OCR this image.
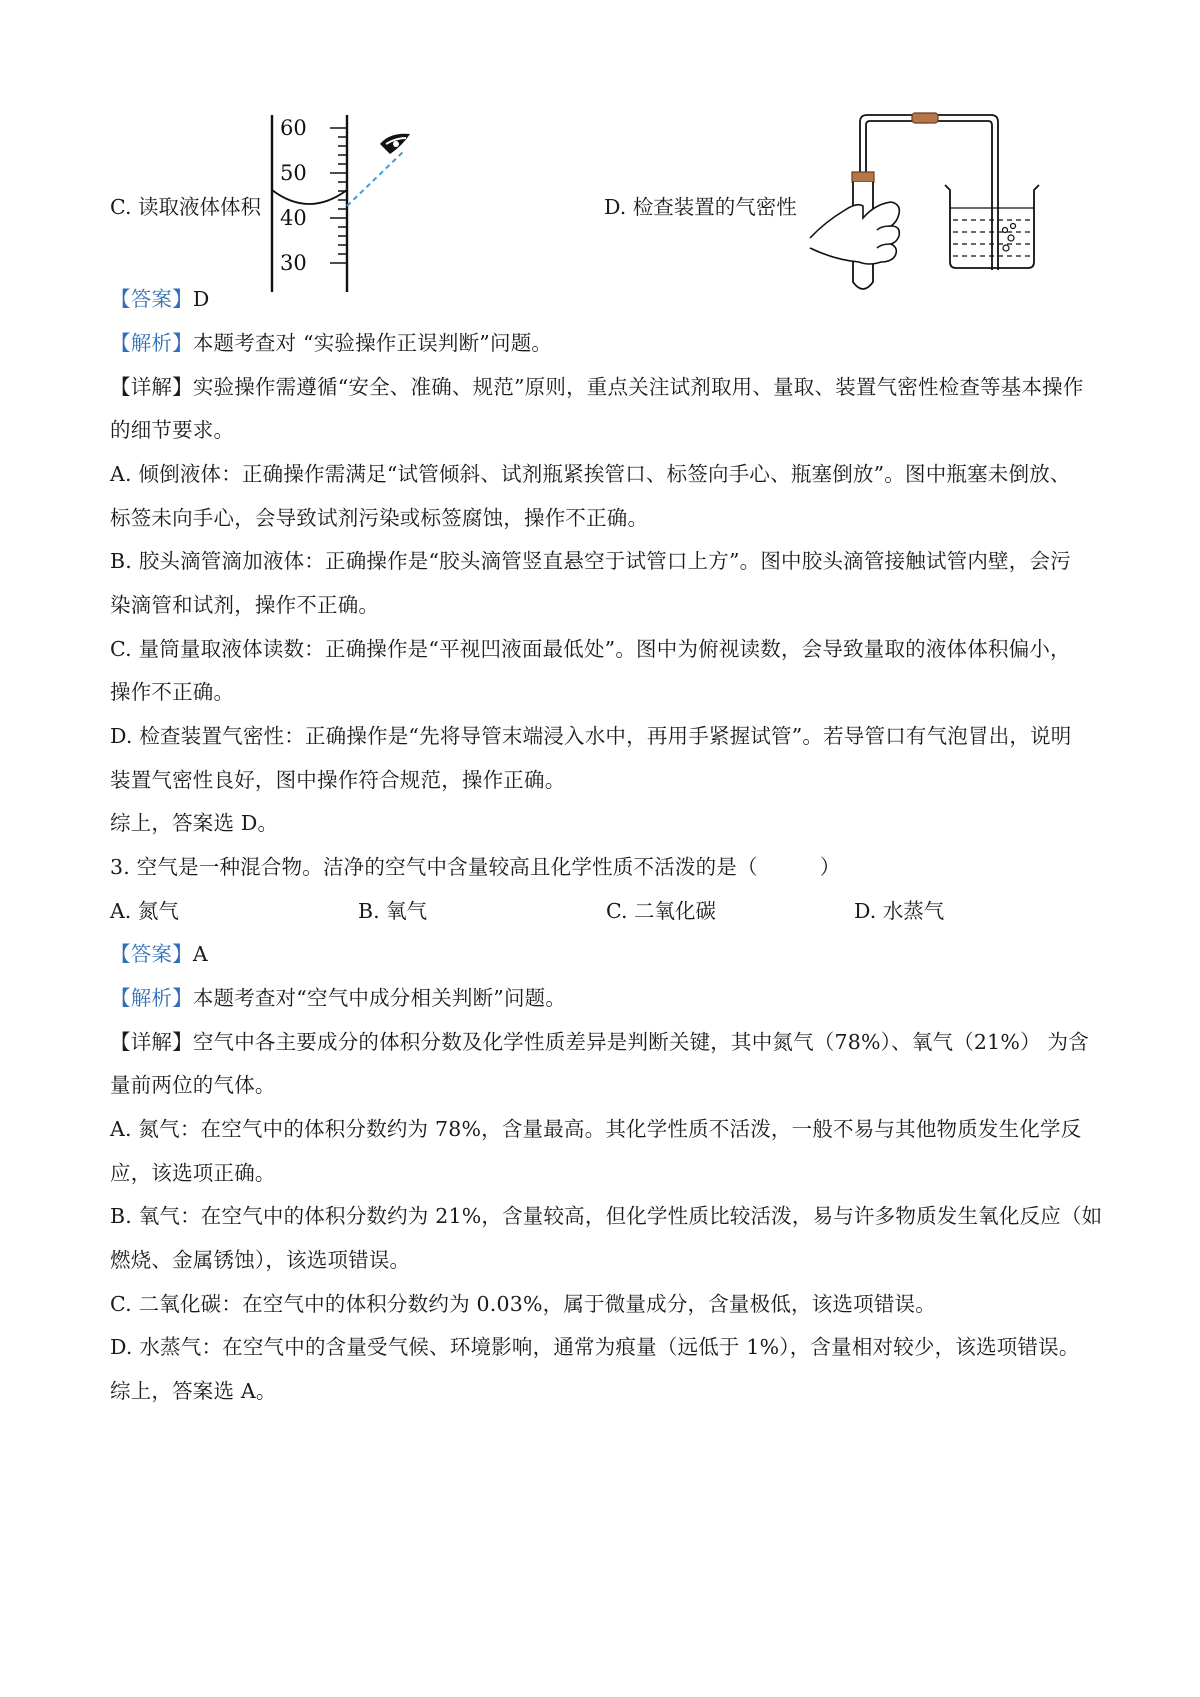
C. 读取液体体积
60
50
40
30
D. 检查装置的气密性
【答案】D
【解析】本题考查对 “实验操作正误判断”问题。
【详解】实验操作需遵循“安全、准确、规范”原则，重点关注试剂取用、量取、装置气密性检查等基本操作
的细节要求。
A. 倾倒液体：正确操作需满足“试管倾斜、试剂瓶紧挨管口、标签向手心、瓶塞倒放”。图中瓶塞未倒放、
标签未向手心，会导致试剂污染或标签腐蚀，操作不正确。
B. 胶头滴管滴加液体：正确操作是“胶头滴管竖直悬空于试管口上方”。图中胶头滴管接触试管内壁，会污
染滴管和试剂，操作不正确。
C. 量筒量取液体读数：正确操作是“平视凹液面最低处”。图中为俯视读数，会导致量取的液体体积偏小，
操作不正确。
D. 检查装置气密性：正确操作是“先将导管末端浸入水中，再用手紧握试管”。若导管口有气泡冒出，说明
装置气密性良好，图中操作符合规范，操作正确。
综上，答案选 D。
3. 空气是一种混合物。洁净的空气中含量较高且化学性质不活泼的是（　　　）
A. 氮气	B. 氧气	C. 二氧化碳	D. 水蒸气
【答案】A
【解析】本题考查对“空气中成分相关判断”问题。
【详解】空气中各主要成分的体积分数及化学性质差异是判断关键，其中氮气（78%）、氧气（21%） 为含
量前两位的气体。
A. 氮气：在空气中的体积分数约为 78%，含量最高。其化学性质不活泼，一般不易与其他物质发生化学反
应，该选项正确。
B. 氧气：在空气中的体积分数约为 21%，含量较高，但化学性质比较活泼，易与许多物质发生氧化反应（如
燃烧、金属锈蚀），该选项错误。
C. 二氧化碳：在空气中的体积分数约为 0.03%，属于微量成分，含量极低，该选项错误。
D. 水蒸气：在空气中的含量受气候、环境影响，通常为痕量（远低于 1%），含量相对较少，该选项错误。
综上，答案选 A。
